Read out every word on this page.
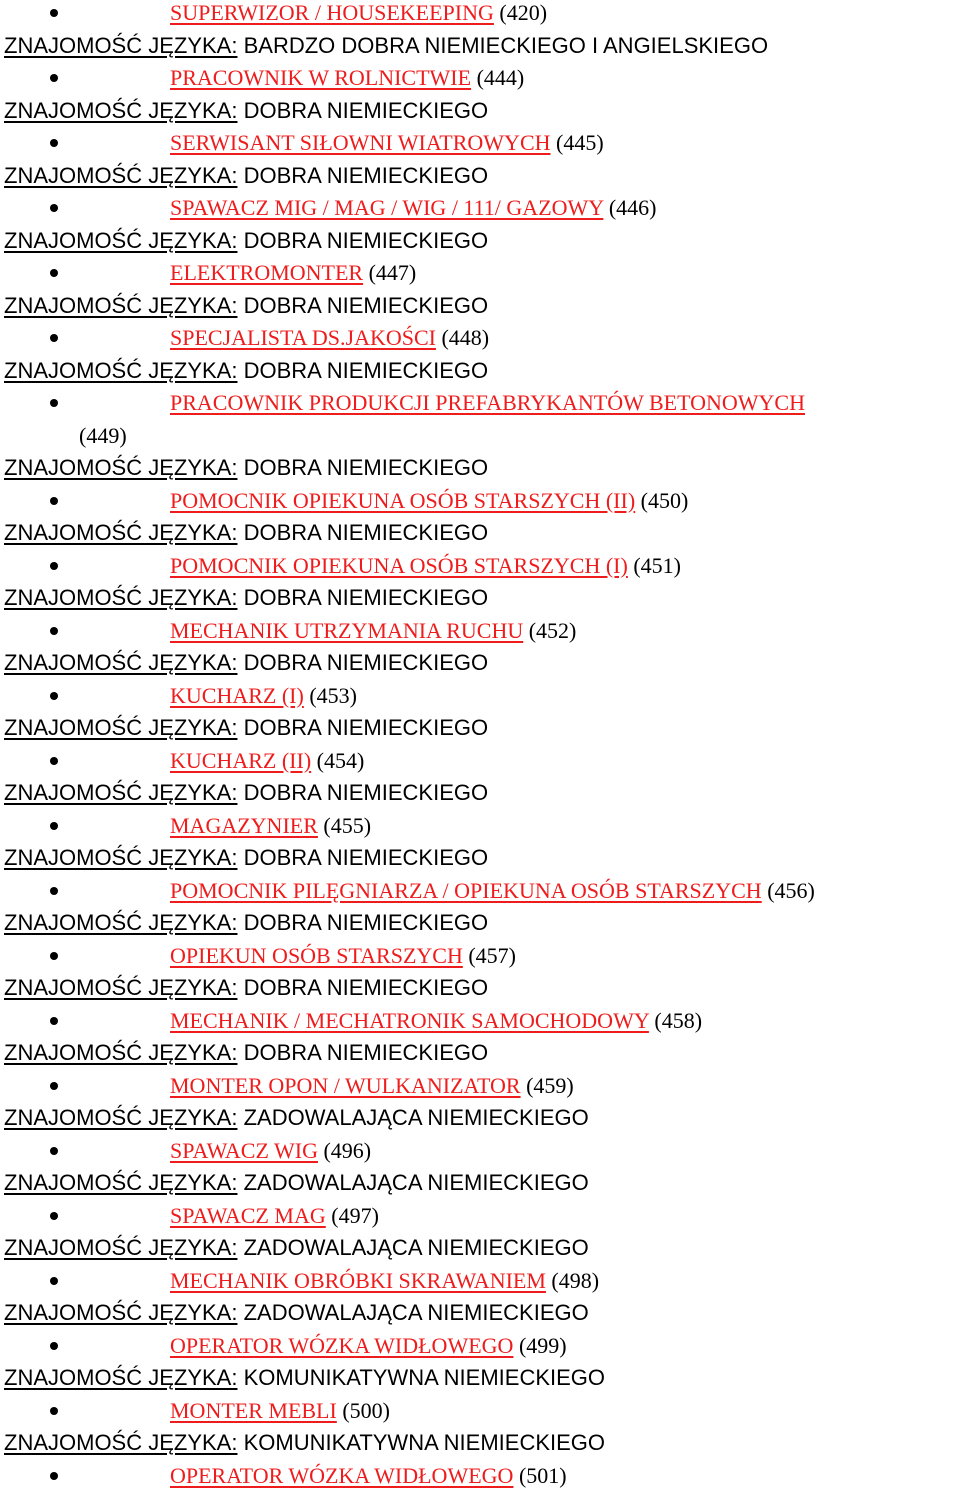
SUPERWIZOR / HOUSEKEEPING (420)
ZNAJOMOŚĆ JĘZYKA: BARDZO DOBRA NIEMIECKIEGO I ANGIELSKIEGO
PRACOWNIK W ROLNICTWIE (444)
ZNAJOMOŚĆ JĘZYKA: DOBRA NIEMIECKIEGO
SERWISANT SIŁOWNI WIATROWYCH (445)
ZNAJOMOŚĆ JĘZYKA: DOBRA NIEMIECKIEGO
SPAWACZ MIG / MAG / WIG / 111/ GAZOWY (446)
ZNAJOMOŚĆ JĘZYKA: DOBRA NIEMIECKIEGO
ELEKTROMONTER (447)
ZNAJOMOŚĆ JĘZYKA: DOBRA NIEMIECKIEGO
SPECJALISTA DS.JAKOŚCI (448)
ZNAJOMOŚĆ JĘZYKA: DOBRA NIEMIECKIEGO
PRACOWNIK PRODUKCJI PREFABRYKANTÓW BETONOWYCH
(449)
ZNAJOMOŚĆ JĘZYKA: DOBRA NIEMIECKIEGO
POMOCNIK OPIEKUNA OSÓB STARSZYCH (II) (450)
ZNAJOMOŚĆ JĘZYKA: DOBRA NIEMIECKIEGO
POMOCNIK OPIEKUNA OSÓB STARSZYCH (I) (451)
ZNAJOMOŚĆ JĘZYKA: DOBRA NIEMIECKIEGO
MECHANIK UTRZYMANIA RUCHU (452)
ZNAJOMOŚĆ JĘZYKA: DOBRA NIEMIECKIEGO
KUCHARZ (I) (453)
ZNAJOMOŚĆ JĘZYKA: DOBRA NIEMIECKIEGO
KUCHARZ (II) (454)
ZNAJOMOŚĆ JĘZYKA: DOBRA NIEMIECKIEGO
MAGAZYNIER (455)
ZNAJOMOŚĆ JĘZYKA: DOBRA NIEMIECKIEGO
POMOCNIK PILĘGNIARZA / OPIEKUNA OSÓB STARSZYCH (456)
ZNAJOMOŚĆ JĘZYKA: DOBRA NIEMIECKIEGO
OPIEKUN OSÓB STARSZYCH (457)
ZNAJOMOŚĆ JĘZYKA: DOBRA NIEMIECKIEGO
MECHANIK / MECHATRONIK SAMOCHODOWY (458)
ZNAJOMOŚĆ JĘZYKA: DOBRA NIEMIECKIEGO
MONTER OPON / WULKANIZATOR (459)
ZNAJOMOŚĆ JĘZYKA: ZADOWALAJĄCA NIEMIECKIEGO
SPAWACZ WIG (496)
ZNAJOMOŚĆ JĘZYKA: ZADOWALAJĄCA NIEMIECKIEGO
SPAWACZ MAG (497)
ZNAJOMOŚĆ JĘZYKA: ZADOWALAJĄCA NIEMIECKIEGO
MECHANIK OBRÓBKI SKRAWANIEM (498)
ZNAJOMOŚĆ JĘZYKA: ZADOWALAJĄCA NIEMIECKIEGO
OPERATOR WÓZKA WIDŁOWEGO (499)
ZNAJOMOŚĆ JĘZYKA: KOMUNIKATYWNA NIEMIECKIEGO
MONTER MEBLI (500)
ZNAJOMOŚĆ JĘZYKA: KOMUNIKATYWNA NIEMIECKIEGO
OPERATOR WÓZKA WIDŁOWEGO (501)
